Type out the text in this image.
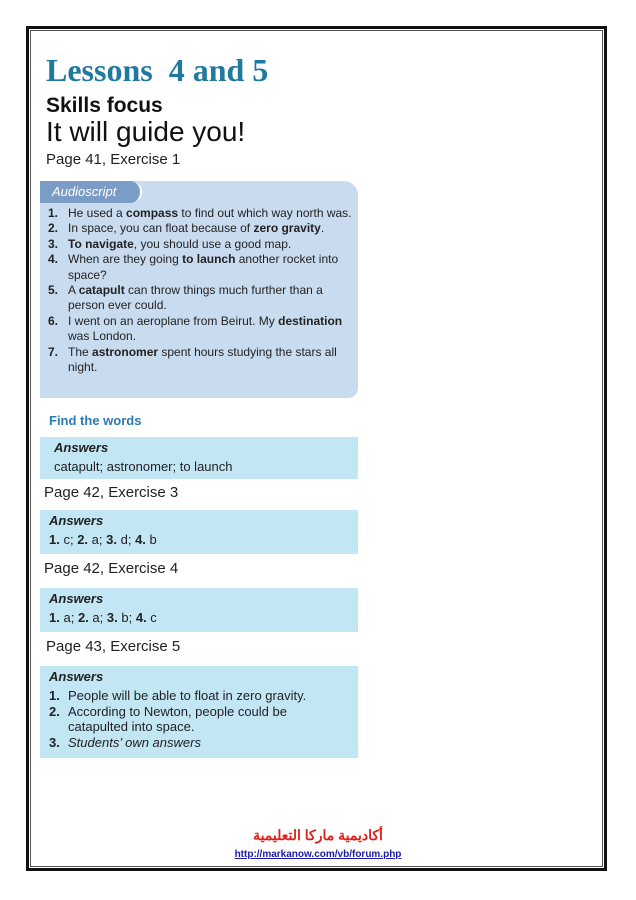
Lessons  4 and 5
Skills focus
It will guide you!
Page 41, Exercise 1
Audioscript
1. He used a compass to find out which way north was.
2. In space, you can float because of zero gravity.
3. To navigate, you should use a good map.
4. When are they going to launch another rocket into space?
5. A catapult can throw things much further than a person ever could.
6. I went on an aeroplane from Beirut. My destination was London.
7. The astronomer spent hours studying the stars all night.
Find the words
Answers
catapult; astronomer; to launch
Page 42, Exercise 3
Answers
1. c; 2. a; 3. d; 4. b
Page 42, Exercise 4
Answers
1. a; 2. a; 3. b; 4. c
Page 43, Exercise 5
Answers
1. People will be able to float in zero gravity.
2. According to Newton, people could be catapulted into space.
3. Students’ own answers
أكاديمية ماركا التعليمية
http://markanow.com/vb/forum.php
